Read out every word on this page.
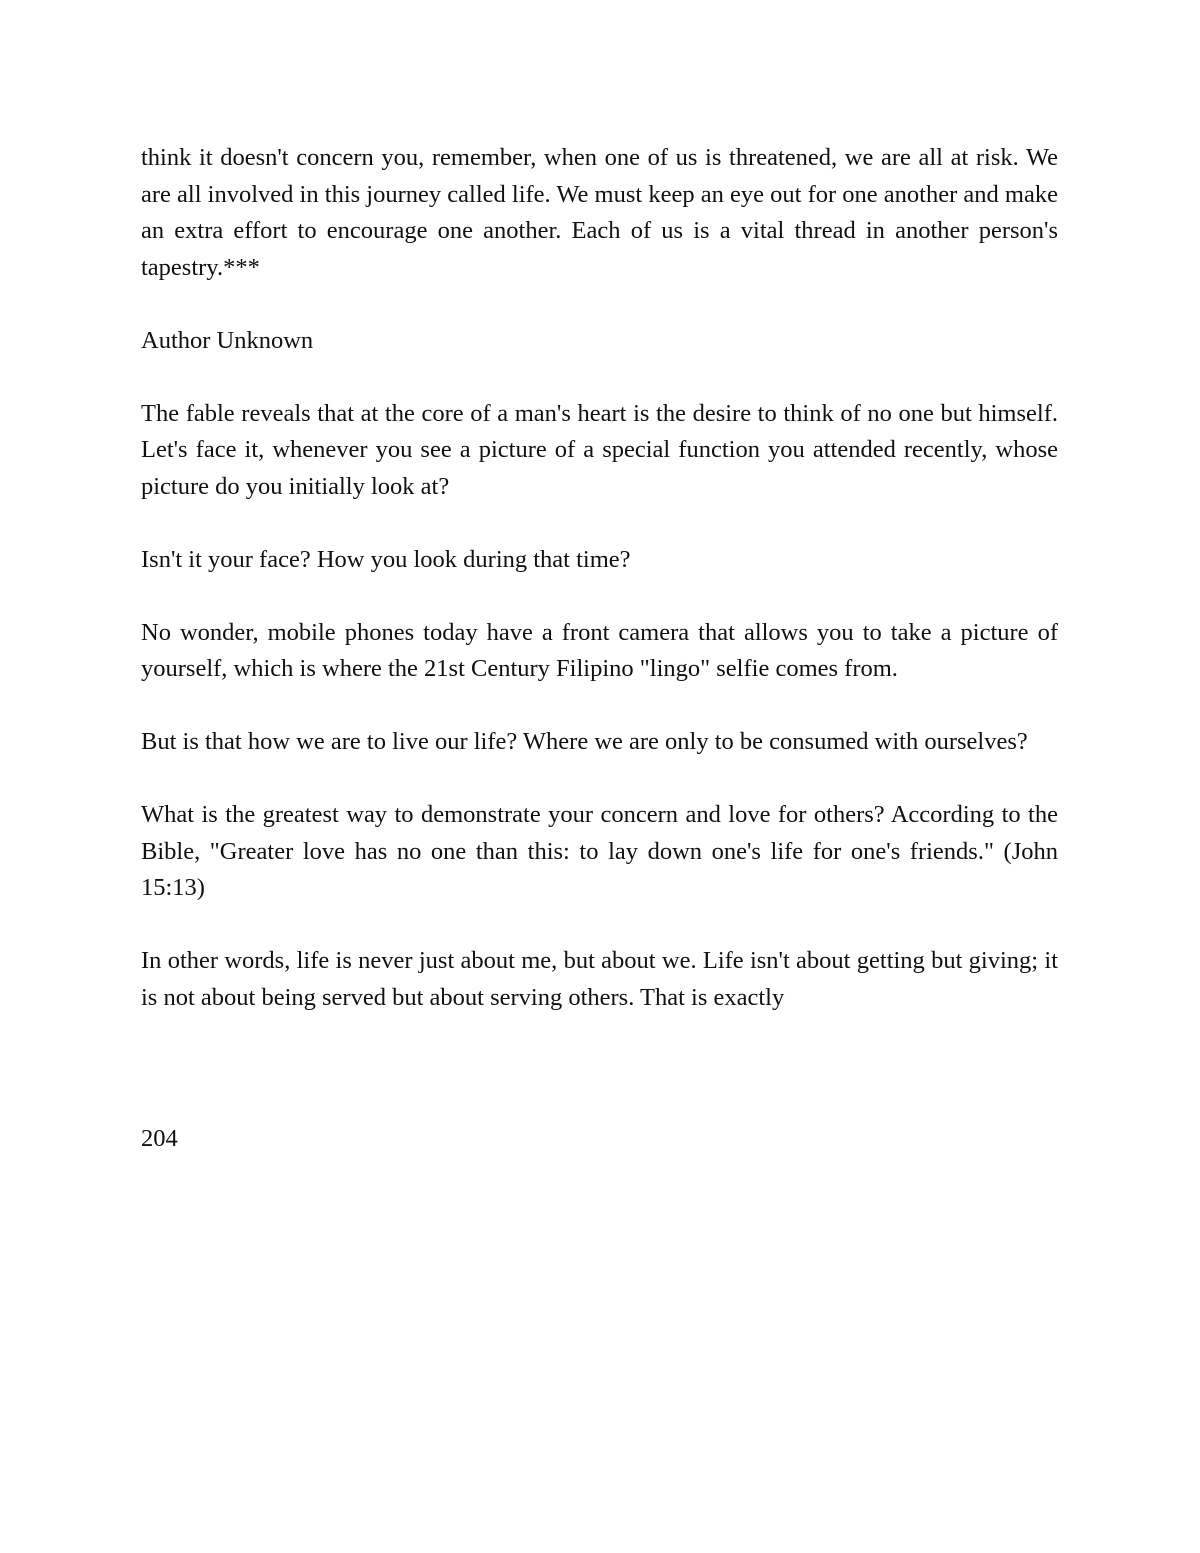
think it doesn't concern you, remember, when one of us is threatened, we are all at risk. We are all involved in this journey called life. We must keep an eye out for one another and make an extra effort to encourage one another. Each of us is a vital thread in another person's tapestry.***

Author Unknown

The fable reveals that at the core of a man's heart is the desire to think of no one but himself. Let's face it, whenever you see a picture of a special function you attended recently, whose picture do you initially look at?

Isn't it your face? How you look during that time?

No wonder, mobile phones today have a front camera that allows you to take a picture of yourself, which is where the 21st Century Filipino "lingo" selfie comes from.

But is that how we are to live our life? Where we are only to be consumed with ourselves?

What is the greatest way to demonstrate your concern and love for others? According to the Bible, "Greater love has no one than this: to lay down one's life for one's friends." (John 15:13)

In other words, life is never just about me, but about we. Life isn't about getting but giving; it is not about being served but about serving others. That is exactly

204
